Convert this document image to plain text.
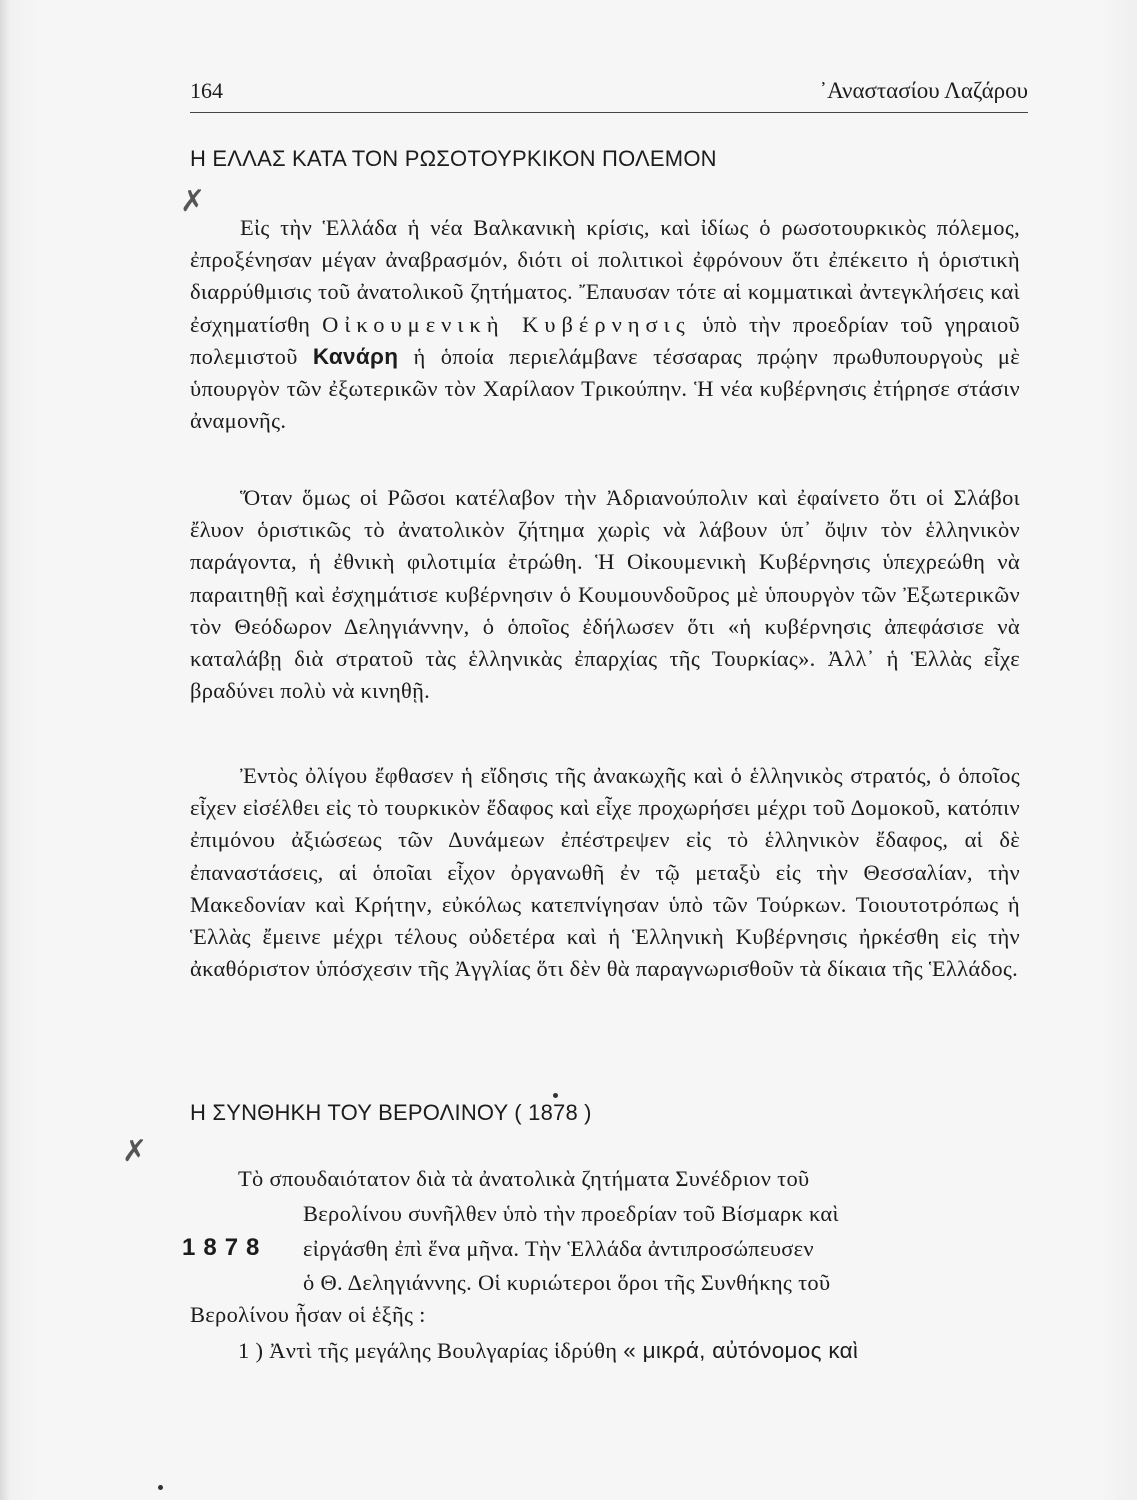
164	᾿Αναστασίου Λαζάρου
Η ΕΛΛΑΣ ΚΑΤΑ ΤΟΝ ΡΩΣΟΤΟΥΡΚΙΚΟΝ ΠΟΛΕΜΟΝ
✗

Εἰς τὴν Ἑλλάδα ἡ νέα Βαλκανικὴ κρίσις, καὶ ἰδίως ὁ ρωσοτουρκικὸς πόλεμος, ἐπροξένησαν μέγαν ἀναβρασμόν, διότι οἱ πολιτικοὶ ἐφρόνουν ὅτι ἐπέκειτο ἡ ὁριστικὴ διαρρύθμισις τοῦ ἀνατολικοῦ ζητήματος. Ἔπαυσαν τότε αἱ κομματικαὶ ἀντεγκλήσεις καὶ ἐσχηματίσθη Οἰκουμενικὴ Κυβέρνησις ὑπὸ τὴν προεδρίαν τοῦ γηραιοῦ πολεμιστοῦ Κανάρη ἡ ὁποία περιελάμβανε τέσσαρας πρῴην πρωθυπουργοὺς μὲ ὑπουργὸν τῶν ἐξωτερικῶν τὸν Χαρίλαον Τρικούπην. Ἡ νέα κυβέρνησις ἐτήρησε στάσιν ἀναμονῆς.

Ὅταν ὅμως οἱ Ρῶσοι κατέλαβον τὴν Ἀδριανούπολιν καὶ ἐφαίνετο ὅτι οἱ Σλάβοι ἔλυον ὁριστικῶς τὸ ἀνατολικὸν ζήτημα χωρὶς νὰ λάβουν ὑπ᾿ ὄψιν τὸν ἑλληνικὸν παράγοντα, ἡ ἐθνικὴ φιλοτιμία ἐτρώθη. Ἡ Οἰκουμενικὴ Κυβέρνησις ὑπεχρεώθη νὰ παραιτηθῇ καὶ ἐσχημάτισε κυβέρνησιν ὁ Κουμουνδοῦρος μὲ ὑπουργὸν τῶν Ἐξωτερικῶν τὸν Θεόδωρον Δεληγιάννην, ὁ ὁποῖος ἐδήλωσεν ὅτι «ἡ κυβέρνησις ἀπεφάσισε νὰ καταλάβῃ διὰ στρατοῦ τὰς ἑλληνικὰς ἐπαρχίας τῆς Τουρκίας». Ἀλλ᾿ ἡ Ἑλλὰς εἶχε βραδύνει πολὺ νὰ κινηθῇ.

Ἐντὸς ὀλίγου ἔφθασεν ἡ εἴδησις τῆς ἀνακωχῆς καὶ ὁ ἑλληνικὸς στρατός, ὁ ὁποῖος εἶχεν εἰσέλθει εἰς τὸ τουρκικὸν ἔδαφος καὶ εἶχε προχωρήσει μέχρι τοῦ Δομοκοῦ, κατόπιν ἐπιμόνου ἀξιώσεως τῶν Δυνάμεων ἐπέστρεψεν εἰς τὸ ἑλληνικὸν ἔδαφος, αἱ δὲ ἐπαναστάσεις, αἱ ὁποῖαι εἶχον ὀργανωθῆ ἐν τῷ μεταξὺ εἰς τὴν Θεσσαλίαν, τὴν Μακεδονίαν καὶ Κρήτην, εὐκόλως κατεπνίγησαν ὑπὸ τῶν Τούρκων. Τοιουτοτρόπως ἡ Ἑλλὰς ἔμεινε μέχρι τέλους οὐδετέρα καὶ ἡ Ἑλληνικὴ Κυβέρνησις ἠρκέσθη εἰς τὴν ἀκαθόριστον ὑπόσχεσιν τῆς Ἀγγλίας ὅτι δὲν θὰ παραγνωρισθοῦν τὰ δίκαια τῆς Ἑλλάδος.

Η ΣΥΝΘΗΚΗ ΤΟΥ ΒΕΡΟΛΙΝΟΥ ( 1878 )
✗
Τὸ σπουδαιότατον διὰ τὰ ἀνατολικὰ ζητήματα Συνέδριον τοῦ
Βερολίνου συνῆλθεν ὑπὸ τὴν προεδρίαν τοῦ Βίσμαρκ καὶ
1878 εἰργάσθη ἐπὶ ἕνα μῆνα. Τὴν Ἑλλάδα ἀντιπροσώπευσεν
ὁ Θ. Δεληγιάννης. Οἱ κυριώτεροι ὅροι τῆς Συνθήκης τοῦ
Βερολίνου ἦσαν οἱ ἑξῆς :
1 ) Ἀντὶ τῆς μεγάλης Βουλγαρίας ἱδρύθη « μικρά, αὐτόνομος καὶ
